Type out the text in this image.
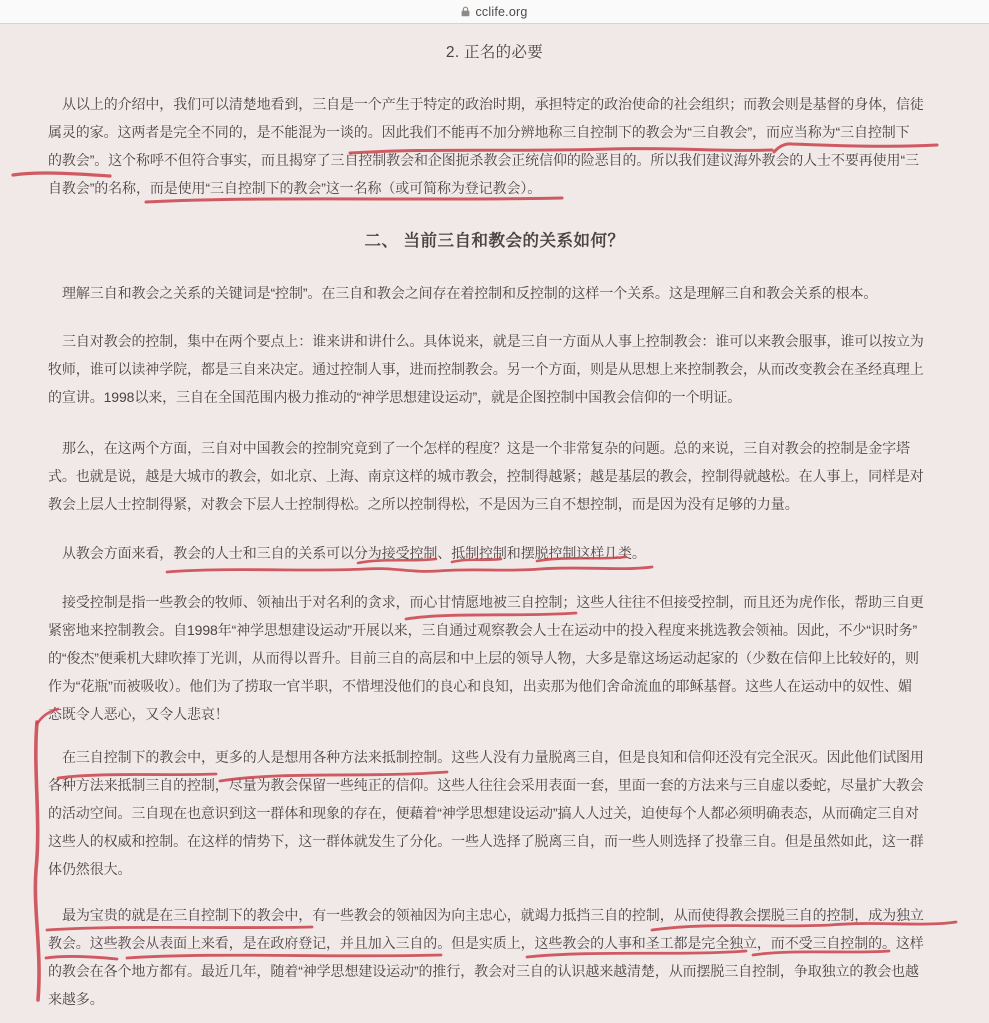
cclife.org
2. 正名的必要
从以上的介绍中，我们可以清楚地看到，三自是一个产生于特定的政治时期，承担特定的政治使命的社会组织；而教会则是基督的身体，信徒
属灵的家。这两者是完全不同的，是不能混为一谈的。因此我们不能再不加分辨地称三自控制下的教会为“三自教会”，而应当称为“三自控制下
的教会”。这个称呼不但符合事实，而且揭穿了三自控制教会和企图扼杀教会正统信仰的险恶目的。所以我们建议海外教会的人士不要再使用“三
自教会”的名称，而是使用“三自控制下的教会”这一名称（或可简称为登记教会）。
二、 当前三自和教会的关系如何？
理解三自和教会之关系的关键词是“控制”。在三自和教会之间存在着控制和反控制的这样一个关系。这是理解三自和教会关系的根本。
三自对教会的控制，集中在两个要点上：谁来讲和讲什么。具体说来，就是三自一方面从人事上控制教会：谁可以来教会服事，谁可以按立为
牧师，谁可以读神学院，都是三自来决定。通过控制人事，进而控制教会。另一个方面，则是从思想上来控制教会，从而改变教会在圣经真理上
的宣讲。1998以来，三自在全国范围内极力推动的“神学思想建设运动”，就是企图控制中国教会信仰的一个明证。
那么，在这两个方面，三自对中国教会的控制究竟到了一个怎样的程度？这是一个非常复杂的问题。总的来说，三自对教会的控制是金字塔
式。也就是说，越是大城市的教会，如北京、上海、南京这样的城市教会，控制得越紧；越是基层的教会，控制得就越松。在人事上，同样是对
教会上层人士控制得紧，对教会下层人士控制得松。之所以控制得松，不是因为三自不想控制，而是因为没有足够的力量。
从教会方面来看，教会的人士和三自的关系可以分为接受控制、抵制控制和摆脱控制这样几类。
接受控制是指一些教会的牧师、领袖出于对名利的贪求，而心甘情愿地被三自控制；这些人往往不但接受控制，而且还为虎作伥，帮助三自更
紧密地来控制教会。自1998年“神学思想建设运动”开展以来，三自通过观察教会人士在运动中的投入程度来挑选教会领袖。因此，不少“识时务”
的“俊杰”便乘机大肆吹捧丁光训，从而得以晋升。目前三自的高层和中上层的领导人物，大多是靠这场运动起家的（少数在信仰上比较好的，则
作为“花瓶”而被吸收）。他们为了捞取一官半职，不惜埋没他们的良心和良知，出卖那为他们舍命流血的耶稣基督。这些人在运动中的奴性、媚
态既令人恶心，又令人悲哀！
在三自控制下的教会中，更多的人是想用各种方法来抵制控制。这些人没有力量脱离三自，但是良知和信仰还没有完全泯灭。因此他们试图用
各种方法来抵制三自的控制，尽量为教会保留一些纯正的信仰。这些人往往会采用表面一套，里面一套的方法来与三自虚以委蛇，尽量扩大教会
的活动空间。三自现在也意识到这一群体和现象的存在，便藉着“神学思想建设运动”搞人人过关，迫使每个人都必须明确表态，从而确定三自对
这些人的权威和控制。在这样的情势下，这一群体就发生了分化。一些人选择了脱离三自，而一些人则选择了投靠三自。但是虽然如此，这一群
体仍然很大。
最为宝贵的就是在三自控制下的教会中，有一些教会的领袖因为向主忠心，就竭力抵挡三自的控制，从而使得教会摆脱三自的控制，成为独立
教会。这些教会从表面上来看，是在政府登记，并且加入三自的。但是实质上，这些教会的人事和圣工都是完全独立，而不受三自控制的。这样
的教会在各个地方都有。最近几年，随着“神学思想建设运动”的推行，教会对三自的认识越来越清楚，从而摆脱三自控制，争取独立的教会也越
来越多。
